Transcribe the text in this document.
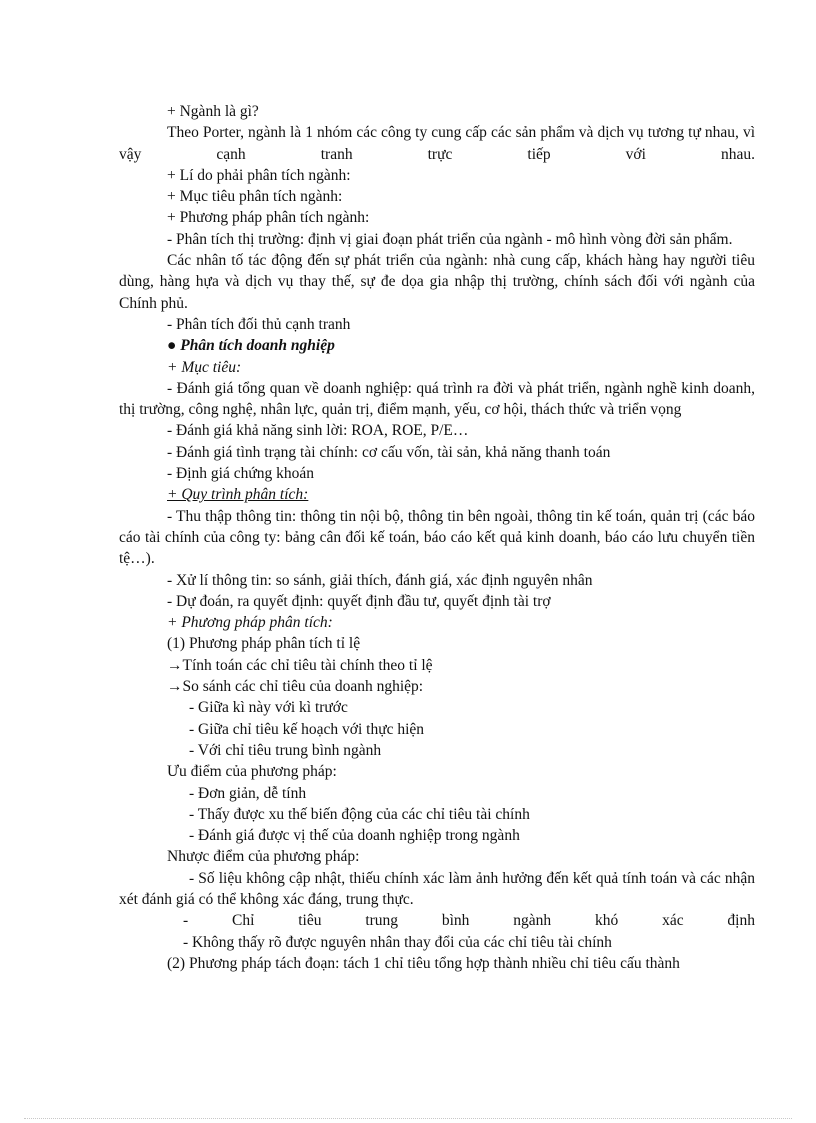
+ Ngành là gì?

Theo Porter, ngành là 1 nhóm các công ty cung cấp các sản phẩm và dịch vụ tương tự nhau, vì vậy cạnh tranh trực tiếp với nhau.

+ Lí do phải phân tích ngành:

+ Mục tiêu phân tích ngành:

+ Phương pháp phân tích ngành:

- Phân tích thị trường: định vị giai đoạn phát triển của ngành - mô hình vòng đời sản phẩm.

Các nhân tố tác động đến sự phát triển của ngành: nhà cung cấp, khách hàng hay người tiêu dùng, hàng hựa và dịch vụ thay thế, sự đe dọa gia nhập thị trường, chính sách đối với ngành của Chính phủ.

- Phân tích đối thủ cạnh tranh

● Phân tích doanh nghiệp

+ Mục tiêu:

- Đánh giá tổng quan về doanh nghiệp: quá trình ra đời và phát triển, ngành nghề kinh doanh, thị trường, công nghệ, nhân lực, quản trị, điểm mạnh, yếu, cơ hội, thách thức và triển vọng

- Đánh giá khả năng sinh lời: ROA, ROE, P/E…

- Đánh giá tình trạng tài chính: cơ cấu vốn, tài sản, khả năng thanh toán

- Định giá chứng khoán

+ Quy trình phân tích:

- Thu thập thông tin: thông tin nội bộ, thông tin bên ngoài, thông tin kế toán, quản trị (các báo cáo tài chính của công ty: bảng cân đối kế toán, báo cáo kết quả kinh doanh, báo cáo lưu chuyển tiền tệ…).

- Xử lí thông tin: so sánh, giải thích, đánh giá, xác định nguyên nhân

- Dự đoán, ra quyết định: quyết định đầu tư, quyết định tài trợ

+ Phương pháp phân tích:

(1) Phương pháp phân tích tỉ lệ

→Tính toán các chỉ tiêu tài chính theo tỉ lệ

→So sánh các chỉ tiêu của doanh nghiệp:

- Giữa kì này với kì trước

- Giữa chỉ tiêu kế hoạch với thực hiện

- Với chỉ tiêu trung bình ngành

Ưu điểm của phương pháp:

- Đơn giản, dễ tính

- Thấy được xu thế biến động của các chỉ tiêu tài chính

- Đánh giá được vị thế của doanh nghiệp trong ngành

Nhược điểm của phương pháp:

- Số liệu không cập nhật, thiếu chính xác làm ảnh hưởng đến kết quả tính toán và các nhận xét đánh giá có thể không xác đáng, trung thực.

- Chỉ tiêu trung bình ngành khó xác định

- Không thấy rõ được nguyên nhân thay đổi của các chỉ tiêu tài chính

(2) Phương pháp tách đoạn: tách 1 chỉ tiêu tổng hợp thành nhiều chỉ tiêu cấu thành
